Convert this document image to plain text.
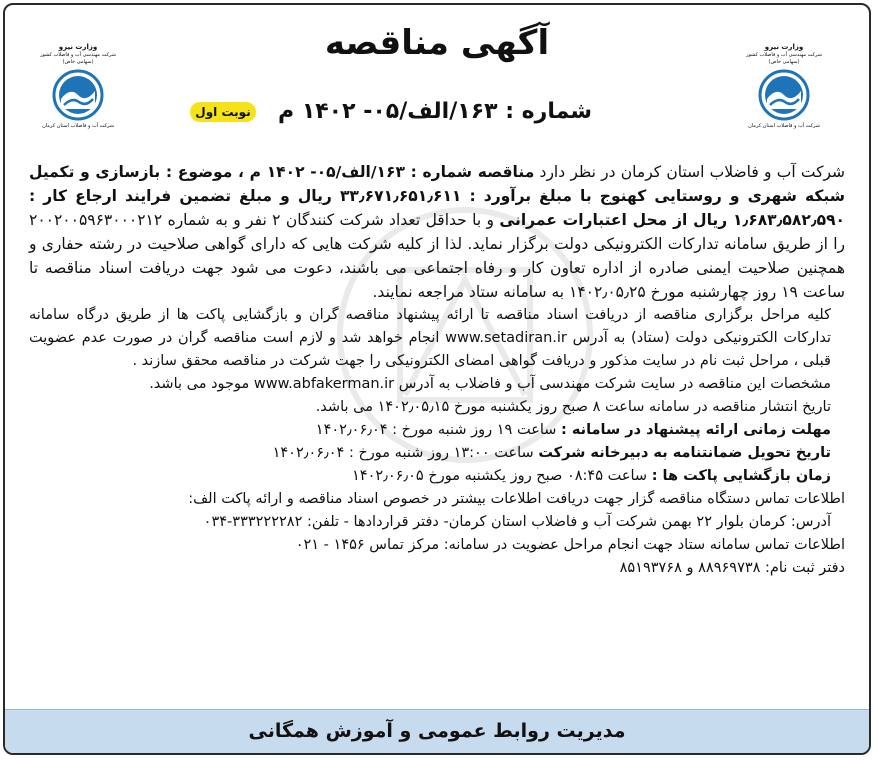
وزارت نیرو
شرکت مهندسی آب و فاضلاب کشور
(سهامی خاص)
شرکت آب و فاضلاب استان کرمان
وزارت نیرو
شرکت مهندسی آب و فاضلاب کشور
(سهامی خاص)
شرکت آب و فاضلاب استان کرمان
آگهی مناقصه
شماره : ۱۶۳/الف/۰۵- ۱۴۰۲ م
نوبت اول

شرکت آب و فاضلاب استان کرمان در نظر دارد مناقصه شماره : ۱۶۳/الف/۰۵- ۱۴۰۲ م ، موضوع : بازسازی و تکمیل شبکه شهری و روستایی کهنوج با مبلغ برآورد : ۳۳٫۶۷۱٫۶۵۱٫۶۱۱ ریال و مبلغ تضمین فرایند ارجاع کار : ۱٫۶۸۳٫۵۸۲٫۵۹۰ ریال از محل اعتبارات عمرانی و با حداقل تعداد شرکت کنندگان ۲ نفر و به شماره ۲۰۰۲۰۰۵۹۶۳۰۰۰۲۱۲ را از طریق سامانه تدارکات الکترونیکی دولت برگزار نماید. لذا از کلیه شرکت هایی که دارای گواهی صلاحیت در رشته حفاری و همچنین صلاحیت ایمنی صادره از اداره تعاون کار و رفاه اجتماعی می باشند، دعوت می شود جهت دریافت اسناد مناقصه تا ساعت ۱۹ روز چهارشنبه مورخ ۱۴۰۲٫۰۵٫۲۵ به سامانه ستاد مراجعه نمایند.

کلیه مراحل برگزاری مناقصه از دریافت اسناد مناقصه تا ارائه پیشنهاد مناقصه گران و بازگشایی پاکت ها از طریق درگاه سامانه تدارکات الکترونیکی دولت (ستاد) به آدرس www.setadiran.ir انجام خواهد شد و لازم است مناقصه گران در صورت عدم عضویت قبلی ، مراحل ثبت نام در سایت مذکور و دریافت گواهی امضای الکترونیکی را جهت شرکت در مناقصه محقق سازند .

مشخصات این مناقصه در سایت شرکت مهندسی آب و فاضلاب به آدرس www.abfakerman.ir موجود می باشد.

تاریخ انتشار مناقصه در سامانه ساعت ۸ صبح روز یکشنبه مورخ ۱۴۰۲٫۰۵٫۱۵ می باشد.

مهلت زمانی ارائه پیشنهاد در سامانه : ساعت ۱۹ روز شنبه مورخ : ۱۴۰۲٫۰۶٫۰۴

تاریخ تحویل ضمانتنامه به دبیرخانه شرکت ساعت ۱۳:۰۰ روز شنبه مورخ : ۱۴۰۲٫۰۶٫۰۴

زمان بازگشایی پاکت ها : ساعت ۰۸:۴۵ صبح روز یکشنبه مورخ ۱۴۰۲٫۰۶٫۰۵

اطلاعات تماس دستگاه مناقصه گزار جهت دریافت اطلاعات بیشتر در خصوص اسناد مناقصه و ارائه پاکت الف:

آدرس: کرمان بلوار ۲۲ بهمن شرکت آب و فاضلاب استان کرمان- دفتر قراردادها - تلفن: ۳۳۳۲۲۲۲۸۲-۰۳۴

اطلاعات تماس سامانه ستاد جهت انجام مراحل عضویت در سامانه: مرکز تماس ۱۴۵۶ - ۰۲۱

دفتر ثبت نام: ۸۸۹۶۹۷۳۸ و ۸۵۱۹۳۷۶۸

مدیریت روابط عمومی و آموزش همگانی
